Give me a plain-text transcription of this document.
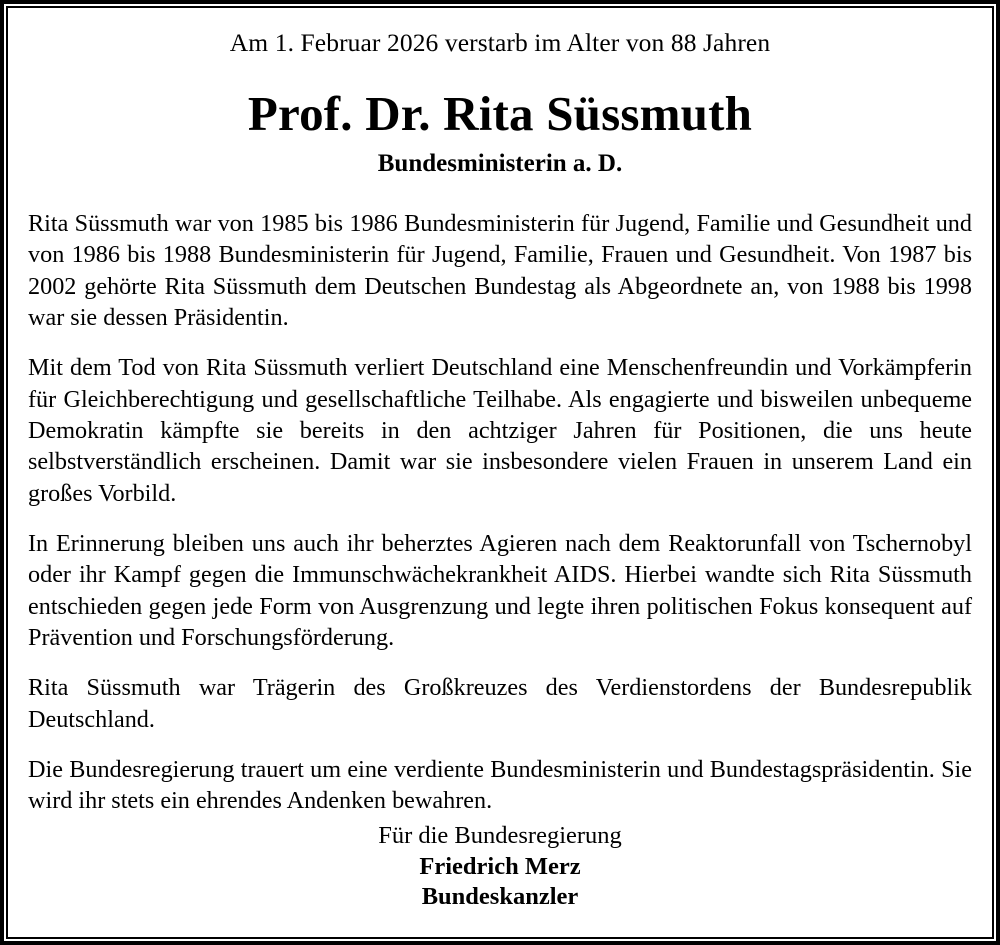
Am 1. Februar 2026 verstarb im Alter von 88 Jahren

Prof. Dr. Rita Süssmuth
Bundesministerin a. D.

Rita Süssmuth war von 1985 bis 1986 Bundesministerin für Jugend, Familie und Gesundheit und von 1986 bis 1988 Bundesministerin für Jugend, Familie, Frauen und Gesundheit. Von 1987 bis 2002 gehörte Rita Süssmuth dem Deutschen Bundestag als Abgeordnete an, von 1988 bis 1998 war sie dessen Präsidentin.

Mit dem Tod von Rita Süssmuth verliert Deutschland eine Menschenfreundin und Vorkämpferin für Gleichberechtigung und gesellschaftliche Teilhabe. Als engagierte und bisweilen unbequeme Demokratin kämpfte sie bereits in den achtziger Jahren für Positionen, die uns heute selbstverständlich erscheinen. Damit war sie insbesondere vielen Frauen in unserem Land ein großes Vorbild.

In Erinnerung bleiben uns auch ihr beherztes Agieren nach dem Reaktorunfall von Tschernobyl oder ihr Kampf gegen die Immunschwächekrankheit AIDS. Hierbei wandte sich Rita Süssmuth entschieden gegen jede Form von Ausgrenzung und legte ihren politischen Fokus konsequent auf Prävention und Forschungsförderung.

Rita Süssmuth war Trägerin des Großkreuzes des Verdienstordens der Bundesrepublik Deutschland.

Die Bundesregierung trauert um eine verdiente Bundesministerin und Bundestagspräsidentin. Sie wird ihr stets ein ehrendes Andenken bewahren.

Für die Bundesregierung

Friedrich Merz

Bundeskanzler
